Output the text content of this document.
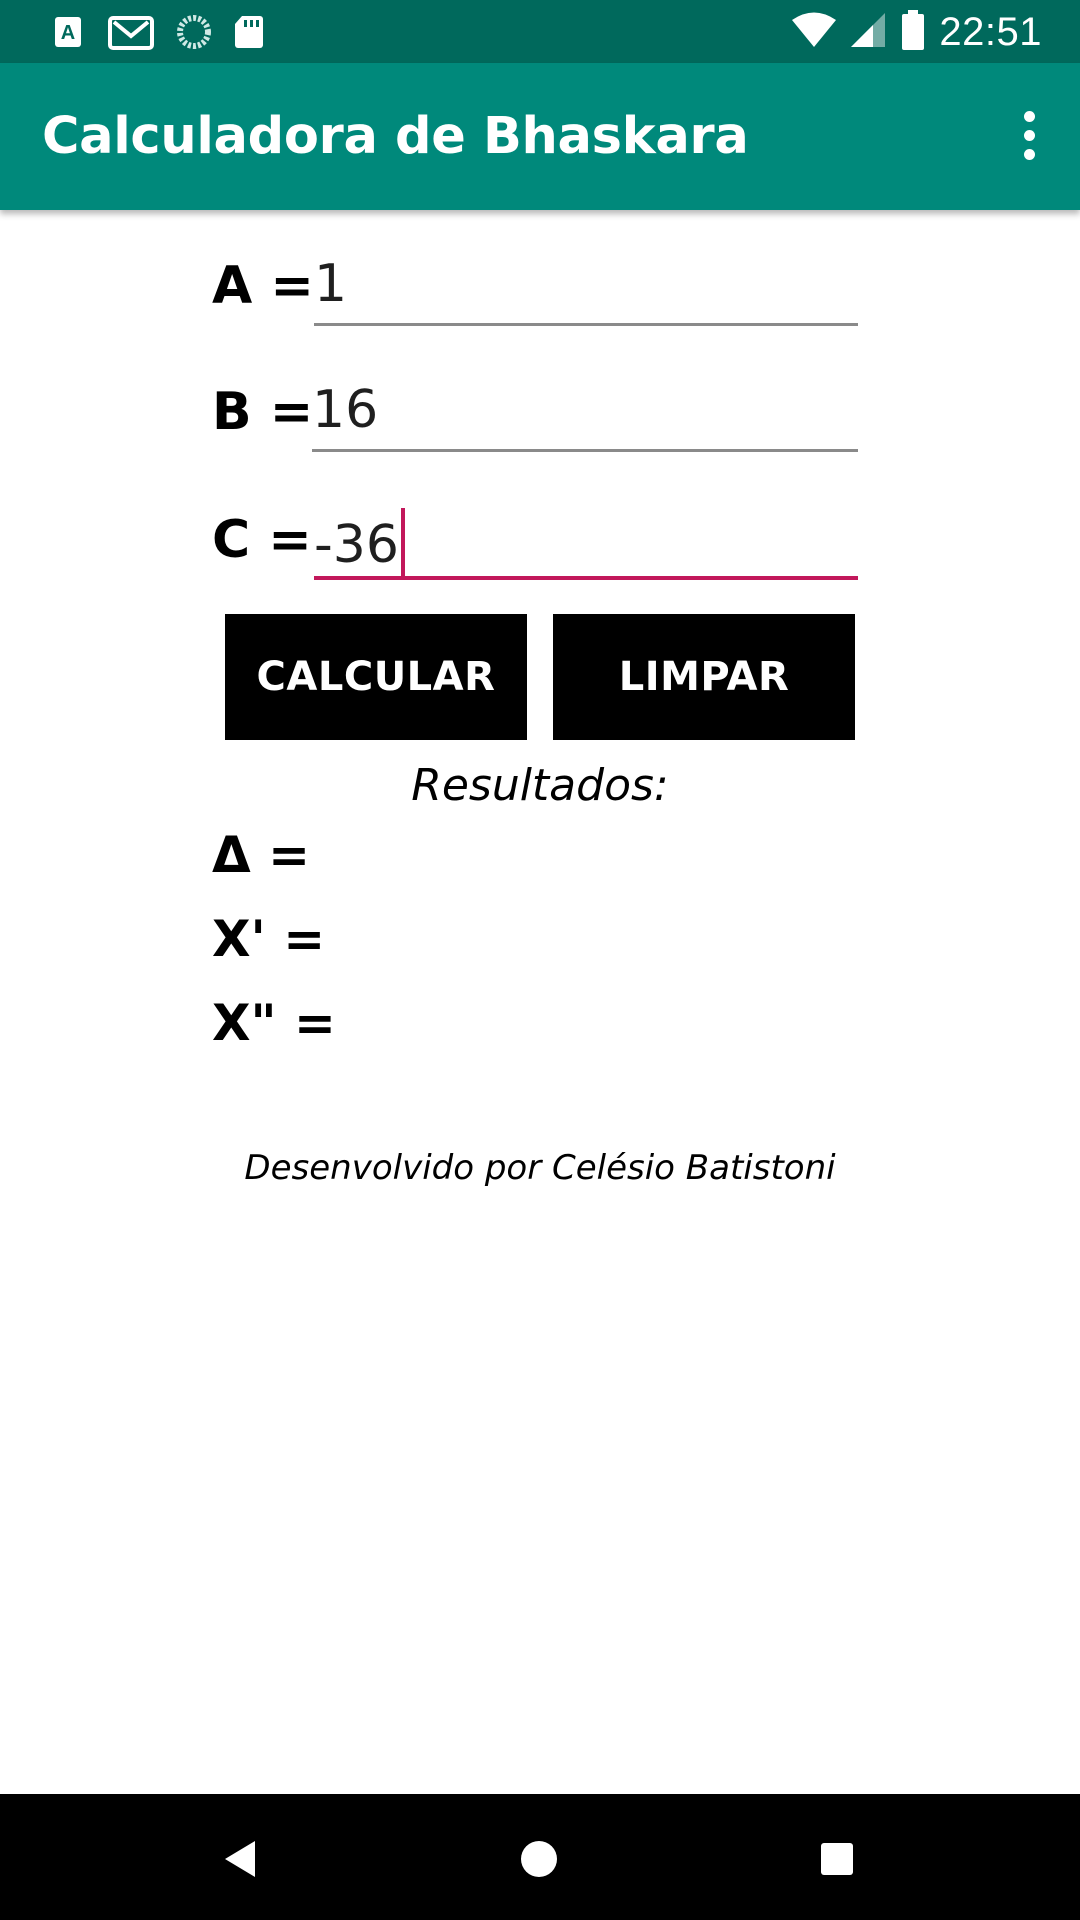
A	22:51
Calculadora de Bhaskara
A = 1
B =
16
C = -36
CALCULAR	LIMPAR
Resultados:
Δ =
X' =
X" =
Desenvolvido por Celésio Batistoni
